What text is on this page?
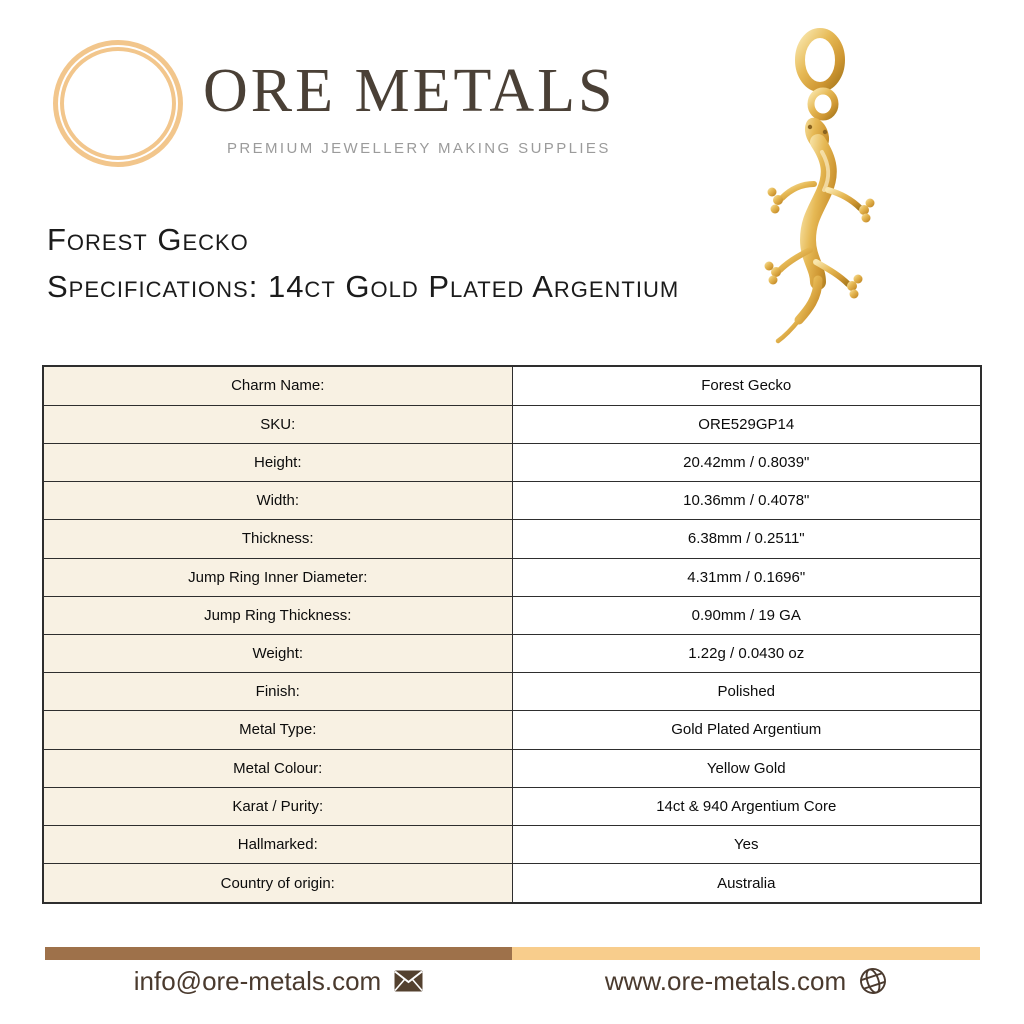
ORE METALS
PREMIUM JEWELLERY MAKING SUPPLIES
Forest Gecko
Specifications: 14ct Gold Plated Argentium
Charm Name:	Forest Gecko
SKU:	ORE529GP14
Height:	20.42mm / 0.8039"
Width:	10.36mm / 0.4078"
Thickness:	6.38mm / 0.2511"
Jump Ring Inner Diameter:	4.31mm / 0.1696"
Jump Ring Thickness:	0.90mm / 19 GA
Weight:	1.22g / 0.0430 oz
Finish:	Polished
Metal Type:	Gold Plated Argentium
Metal Colour:	Yellow Gold
Karat / Purity:	14ct & 940 Argentium Core
Hallmarked:	Yes
Country of origin:	Australia
info@ore-metals.com	www.ore-metals.com
